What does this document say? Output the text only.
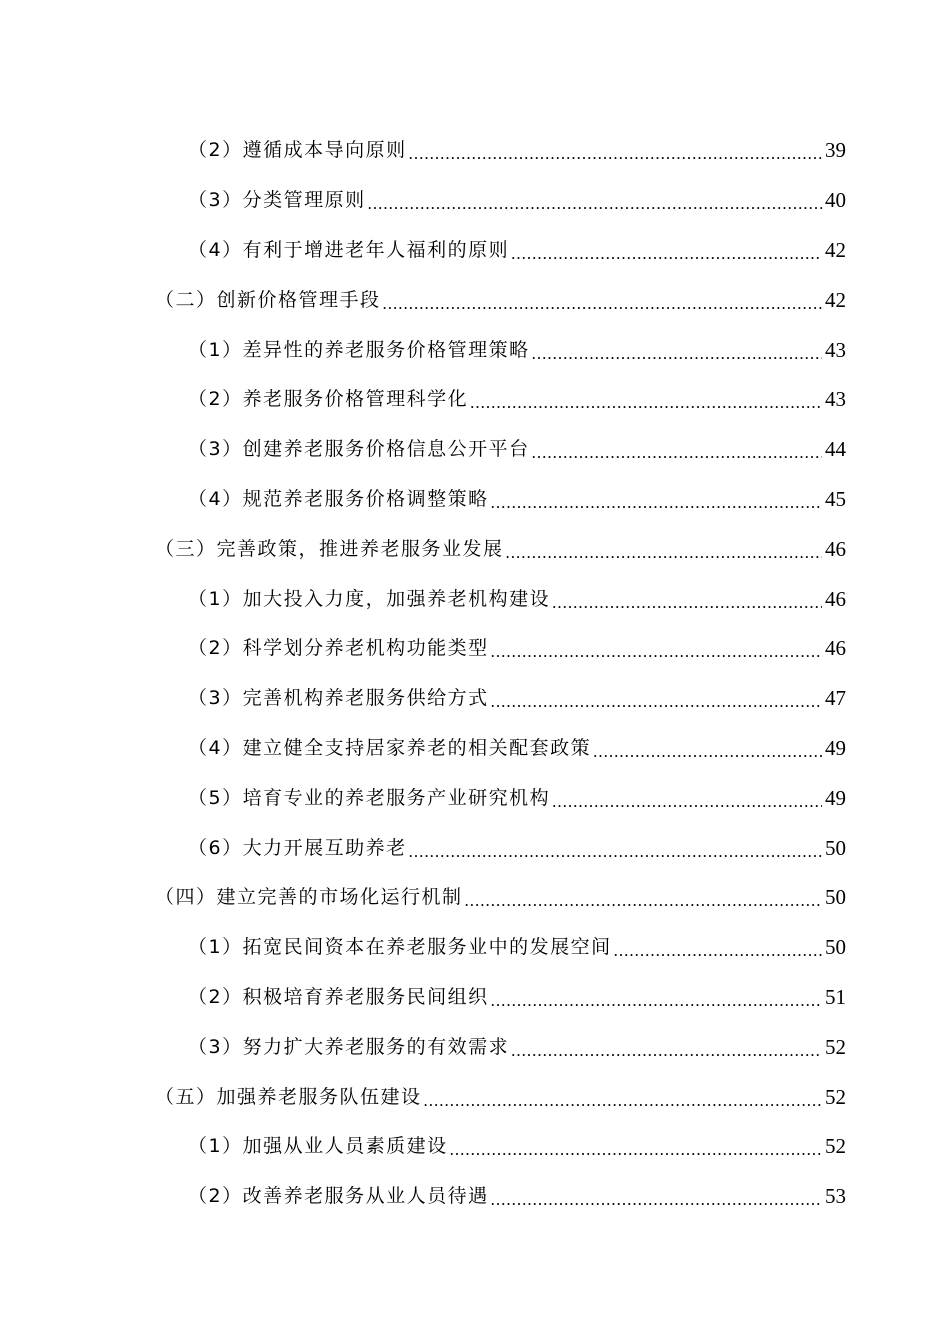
（2）遵循成本导向原则 .....	39
（3）分类管理原则 .....	40
（4）有利于增进老年人福利的原则 .....	42
（二）创新价格管理手段 .....	42
（1）差异性的养老服务价格管理策略 .....	43
（2）养老服务价格管理科学化 .....	43
（3）创建养老服务价格信息公开平台 .....	44
（4）规范养老服务价格调整策略 .....	45
（三）完善政策，推进养老服务业发展 .....	46
（1）加大投入力度，加强养老机构建设 .....	46
（2）科学划分养老机构功能类型 .....	46
（3）完善机构养老服务供给方式 .....	47
（4）建立健全支持居家养老的相关配套政策 .....	49
（5）培育专业的养老服务产业研究机构 .....	49
（6）大力开展互助养老 .....	50
（四）建立完善的市场化运行机制 .....	50
（1）拓宽民间资本在养老服务业中的发展空间 .....	50
（2）积极培育养老服务民间组织 .....	51
（3）努力扩大养老服务的有效需求 .....	52
（五）加强养老服务队伍建设 .....	52
（1）加强从业人员素质建设 .....	52
（2）改善养老服务从业人员待遇 .....	53
